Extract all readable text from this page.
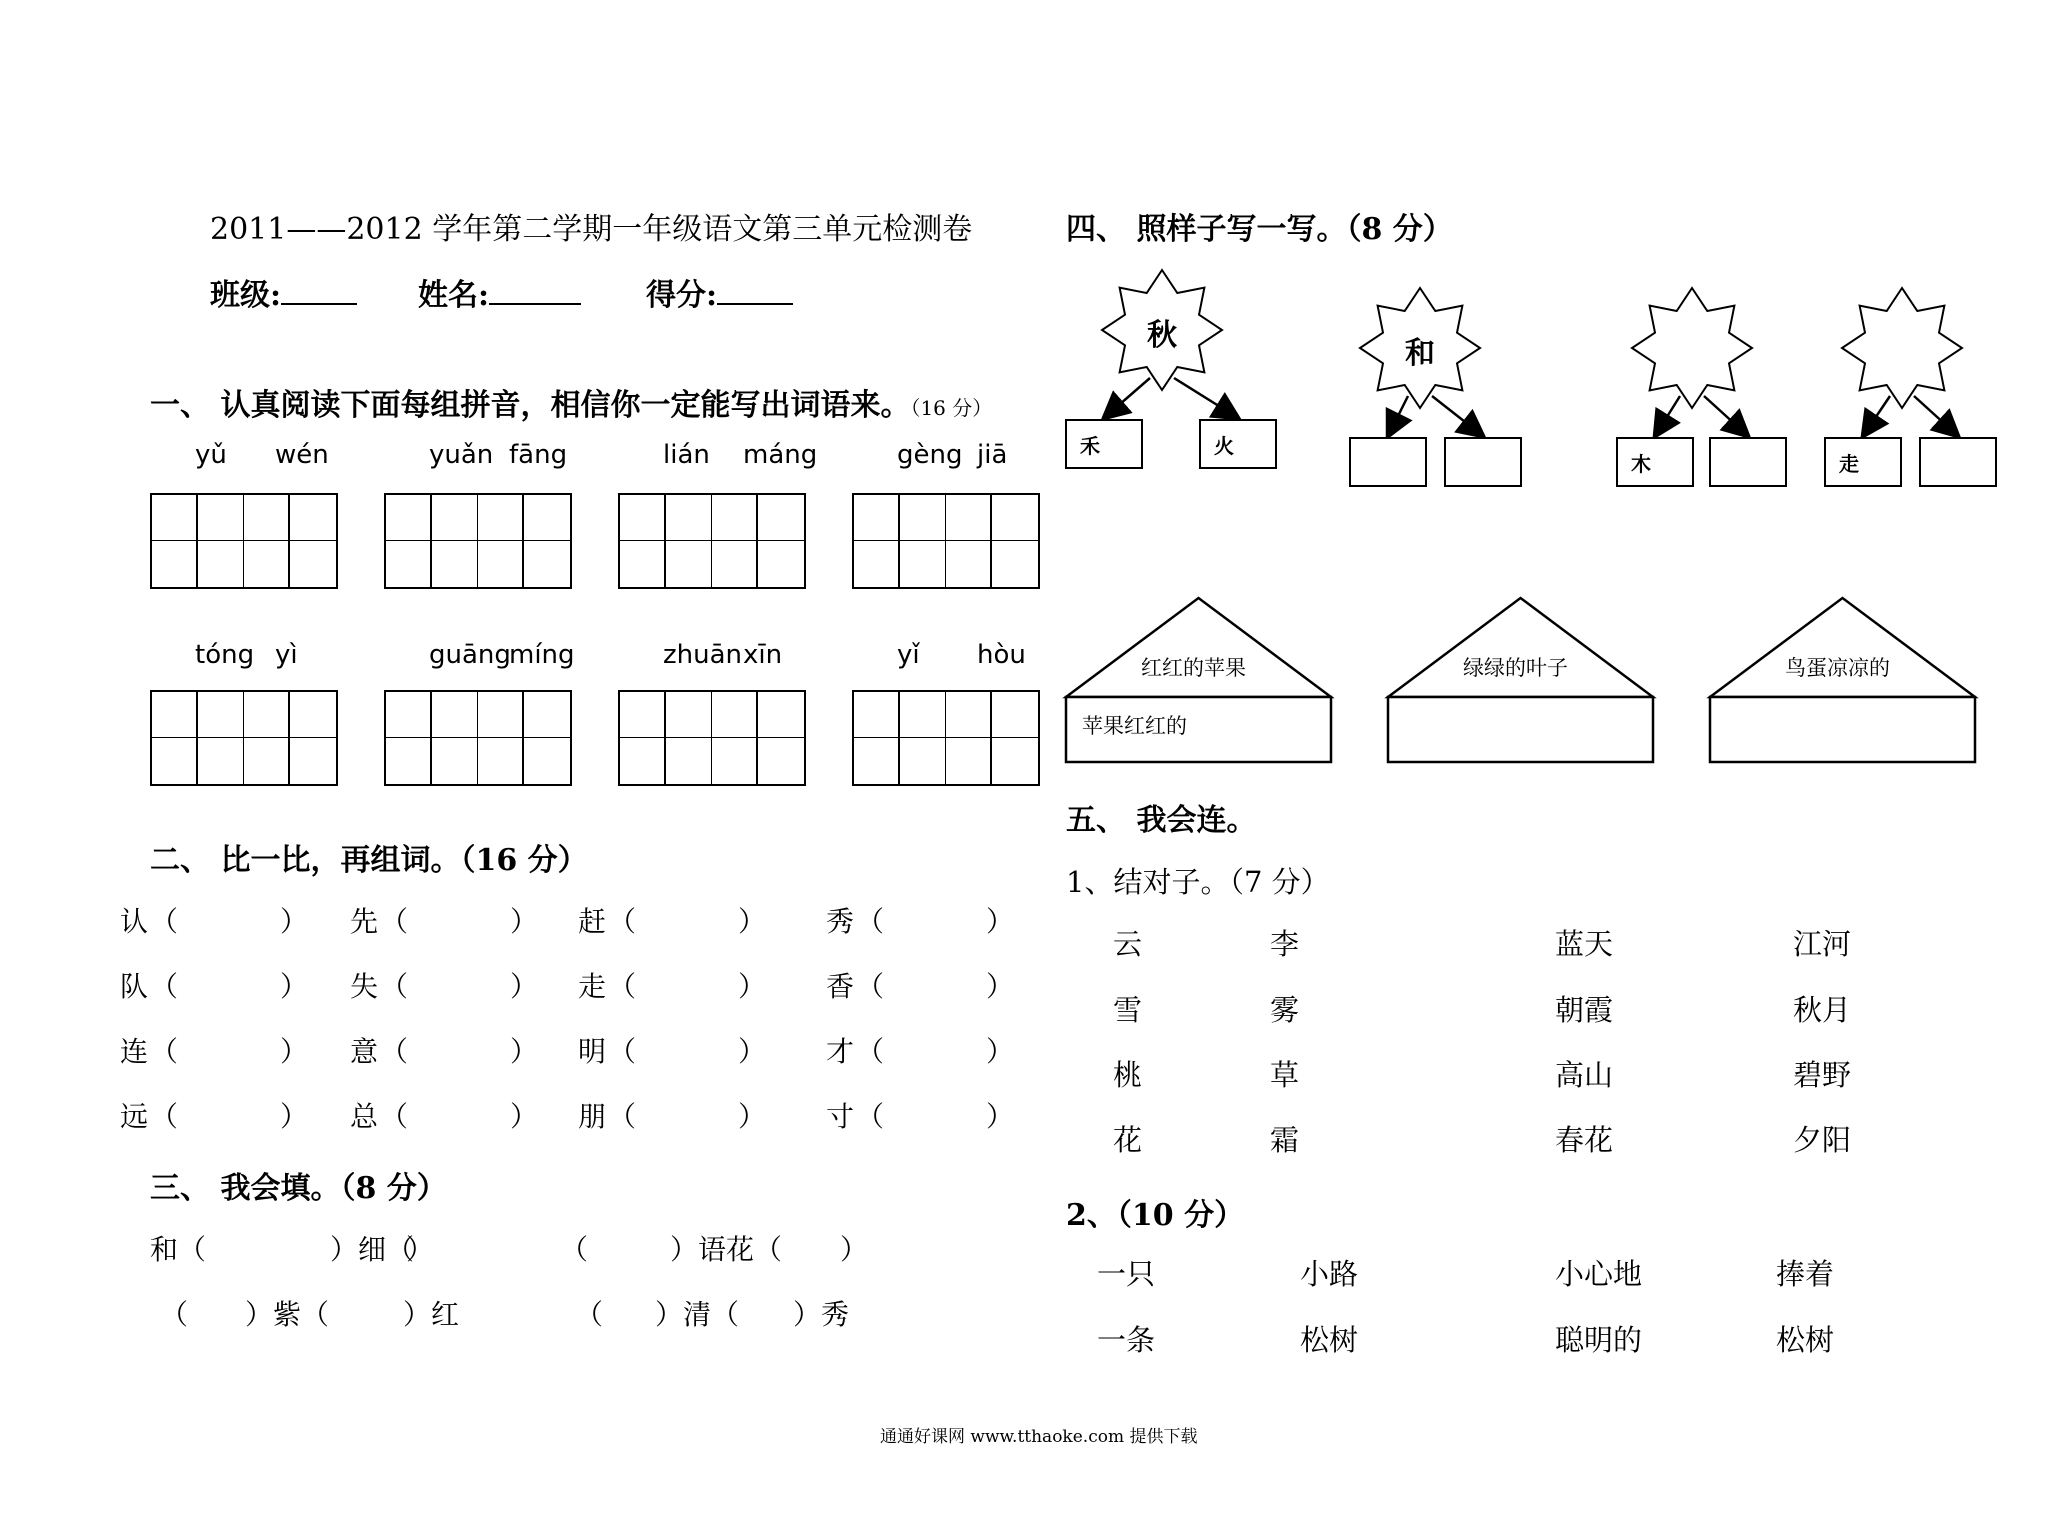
2011——2012 学年第二学期一年级语文第三单元检测卷
班级:	姓名:	得分:
一、 认真阅读下面每组拼音，相信你一定能写出词语来。（16 分）
yǔ wén	yuǎn fāng	lián máng	gèng jiā
tóng yì	guāng
míng	zhuān xīn	yǐ hòu
二、 比一比，再组词。（16 分）
认 （	） 先 （	） 赶 （	） 秀 （	）
队 （	） 失 （	） 走 （	） 香 （	）
连 （	） 意 （	） 明 （	） 才 （	）
远 （	） 总 （	） 朋 （	） 寸 （	）
三、 我会填。（8 分）
和（	）细（
）	（	）语花（ ）
（ ）紫（	）红	（ ）清（ ）秀
四、 照样子写一写。（8 分）
秋
禾	火
和
木	走
红红的苹果
苹果红红的
绿绿的叶子	鸟蛋凉凉的
五、 我会连。
1、结对子。（7 分）
云	李	蓝天	江河
雪	雾	朝霞	秋月
桃	草	高山	碧野
花	霜	春花	夕阳
2、（10 分）
一只	小路	小心地	捧着
一条	松树	聪明的	松树
通通好课网 www.tthaoke.com 提供下载
